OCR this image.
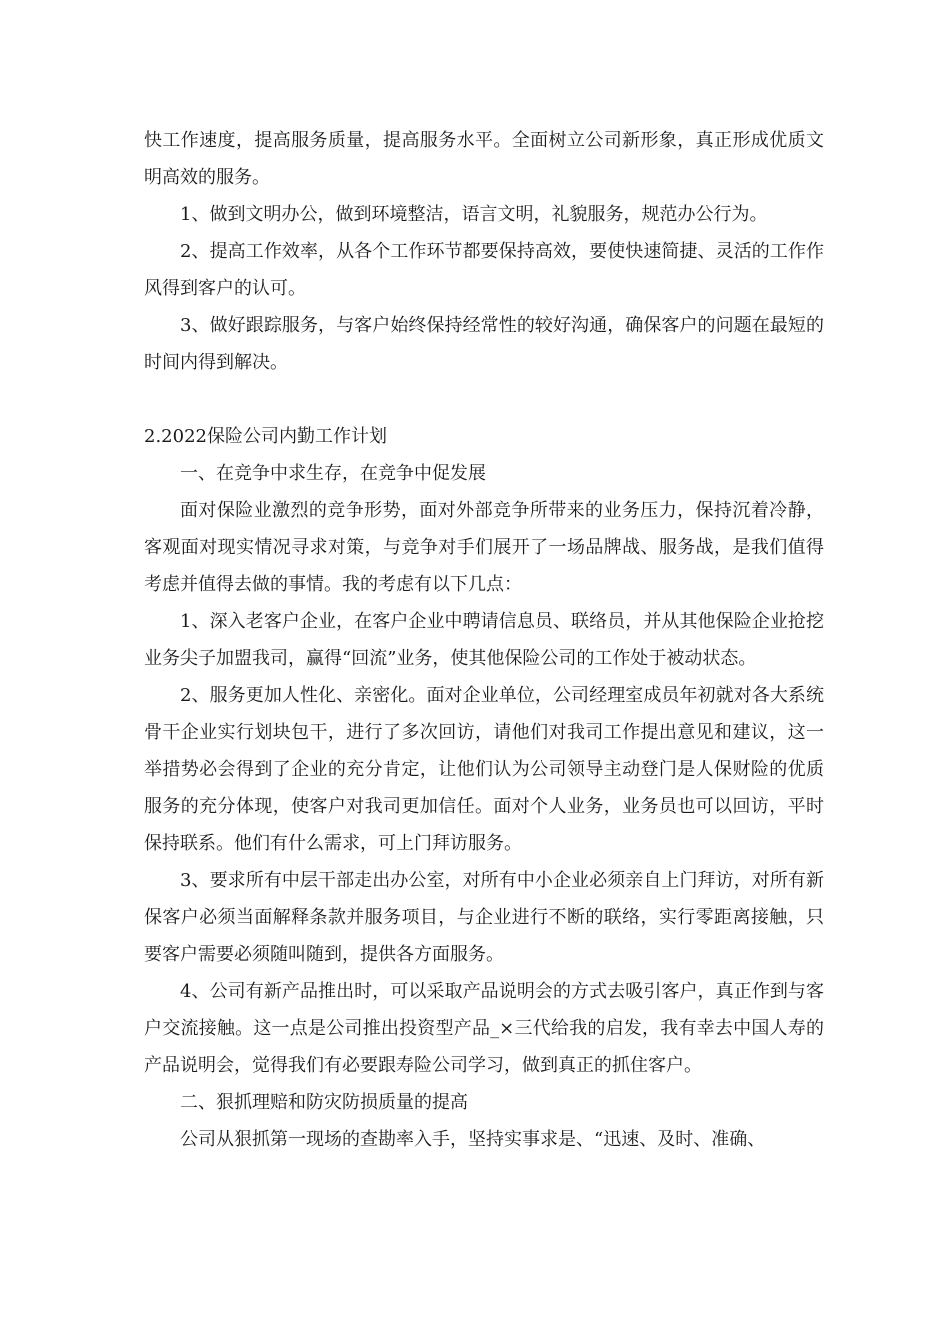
快工作速度，提高服务质量，提高服务水平。全面树立公司新形象，真正形成优质文明高效的服务。

1、做到文明办公，做到环境整洁，语言文明，礼貌服务，规范办公行为。

2、提高工作效率，从各个工作环节都要保持高效，要使快速简捷、灵活的工作作风得到客户的认可。

3、做好跟踪服务，与客户始终保持经常性的较好沟通，确保客户的问题在最短的时间内得到解决。

2.2022保险公司内勤工作计划

一、在竞争中求生存，在竞争中促发展

面对保险业激烈的竞争形势，面对外部竞争所带来的业务压力，保持沉着冷静，客观面对现实情况寻求对策，与竞争对手们展开了一场品牌战、服务战，是我们值得考虑并值得去做的事情。我的考虑有以下几点：

1、深入老客户企业，在客户企业中聘请信息员、联络员，并从其他保险企业抢挖业务尖子加盟我司，赢得“回流”业务，使其他保险公司的工作处于被动状态。

2、服务更加人性化、亲密化。面对企业单位，公司经理室成员年初就对各大系统骨干企业实行划块包干，进行了多次回访，请他们对我司工作提出意见和建议，这一举措势必会得到了企业的充分肯定，让他们认为公司领导主动登门是人保财险的优质服务的充分体现，使客户对我司更加信任。面对个人业务，业务员也可以回访，平时保持联系。他们有什么需求，可上门拜访服务。

3、要求所有中层干部走出办公室，对所有中小企业必须亲自上门拜访，对所有新保客户必须当面解释条款并服务项目，与企业进行不断的联络，实行零距离接触，只要客户需要必须随叫随到，提供各方面服务。

4、公司有新产品推出时，可以采取产品说明会的方式去吸引客户，真正作到与客户交流接触。这一点是公司推出投资型产品_×三代给我的启发，我有幸去中国人寿的产品说明会，觉得我们有必要跟寿险公司学习，做到真正的抓住客户。

二、狠抓理赔和防灾防损质量的提高

公司从狠抓第一现场的查勘率入手，坚持实事求是、“迅速、及时、准确、
